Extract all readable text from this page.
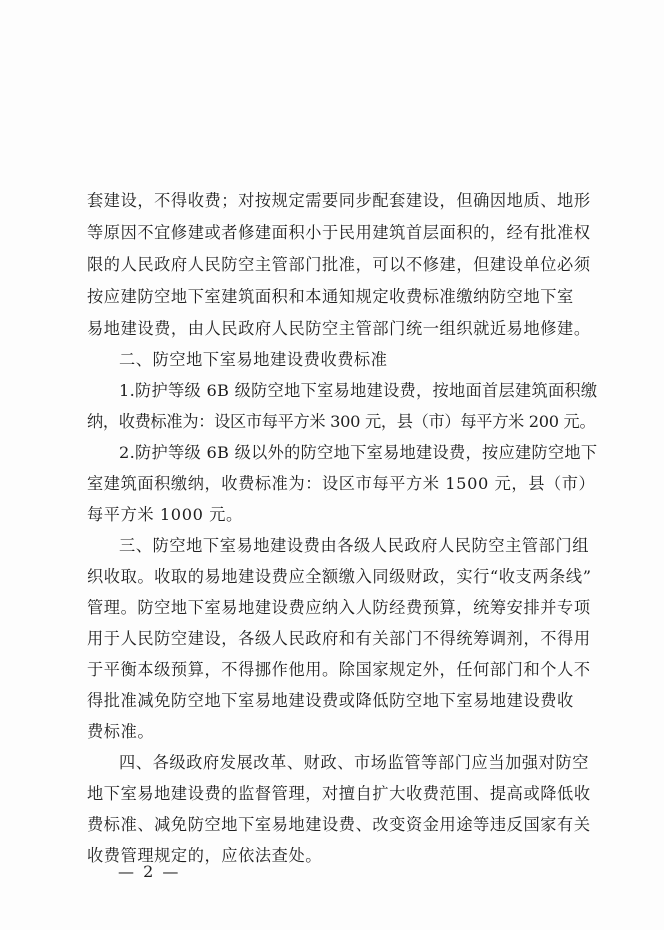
套建设，不得收费；对按规定需要同步配套建设，但确因地质、地形
等原因不宜修建或者修建面积小于民用建筑首层面积的，经有批准权
限的人民政府人民防空主管部门批准，可以不修建，但建设单位必须
按应建防空地下室建筑面积和本通知规定收费标准缴纳防空地下室
易地建设费，由人民政府人民防空主管部门统一组织就近易地修建。
二、防空地下室易地建设费收费标准
1.防护等级 6B 级防空地下室易地建设费，按地面首层建筑面积缴
纳，收费标准为：设区市每平方米 300 元，县（市）每平方米 200 元。
2.防护等级 6B 级以外的防空地下室易地建设费，按应建防空地下
室建筑面积缴纳，收费标准为：设区市每平方米 1500 元，县（市）
每平方米 1000 元。
三、防空地下室易地建设费由各级人民政府人民防空主管部门组
织收取。收取的易地建设费应全额缴入同级财政，实行“收支两条线”
管理。防空地下室易地建设费应纳入人防经费预算，统筹安排并专项
用于人民防空建设，各级人民政府和有关部门不得统筹调剂，不得用
于平衡本级预算，不得挪作他用。除国家规定外，任何部门和个人不
得批准减免防空地下室易地建设费或降低防空地下室易地建设费收
费标准。
四、各级政府发展改革、财政、市场监管等部门应当加强对防空
地下室易地建设费的监督管理，对擅自扩大收费范围、提高或降低收
费标准、减免防空地下室易地建设费、改变资金用途等违反国家有关
收费管理规定的，应依法查处。
— 2 —
